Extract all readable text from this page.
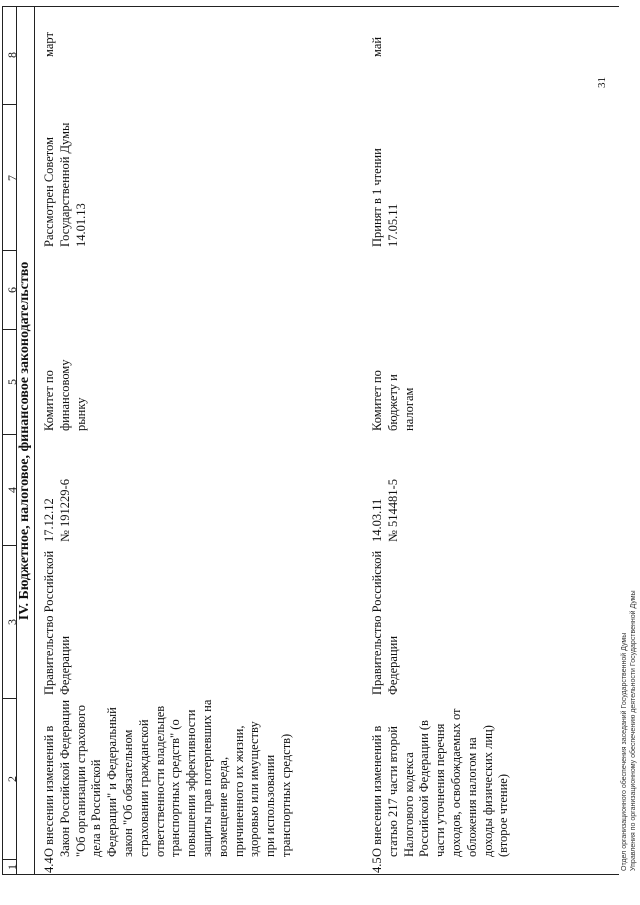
1
2
3
4
5
6
7
8
IV. Бюджетное, налоговое, финансовое законодательство
4.4
О внесении изменений в Закон Российской Федерации "Об организации страхового дела в Российской Федерации" и Федеральный закон "Об обязательном страховании гражданской ответственности владельцев транспортных средств" (о повышении эффективности защиты прав потерпевших на возмещение вреда, причиненного их жизни, здоровью или имуществу при использовании транспортных средств)
Правительство Российской Федерации
17.12.12
№ 191229-6
Комитет по финансовому рынку
Рассмотрен Советом Государственной Думы 14.01.13
март
4.5
О внесении изменений в статью 217 части второй Налогового кодекса Российской Федерации (в части уточнения перечня доходов, освобождаемых от обложения налогом на доходы физических лиц) (второе чтение)
Правительство Российской Федерации
14.03.11
№ 514481-5
Комитет по бюджету и налогам
Принят в 1 чтении 17.05.11
май
31
Отдел организационного обеспечения заседаний Государственной Думы Управления по организационному обеспечению деятельности Государственной Думы
